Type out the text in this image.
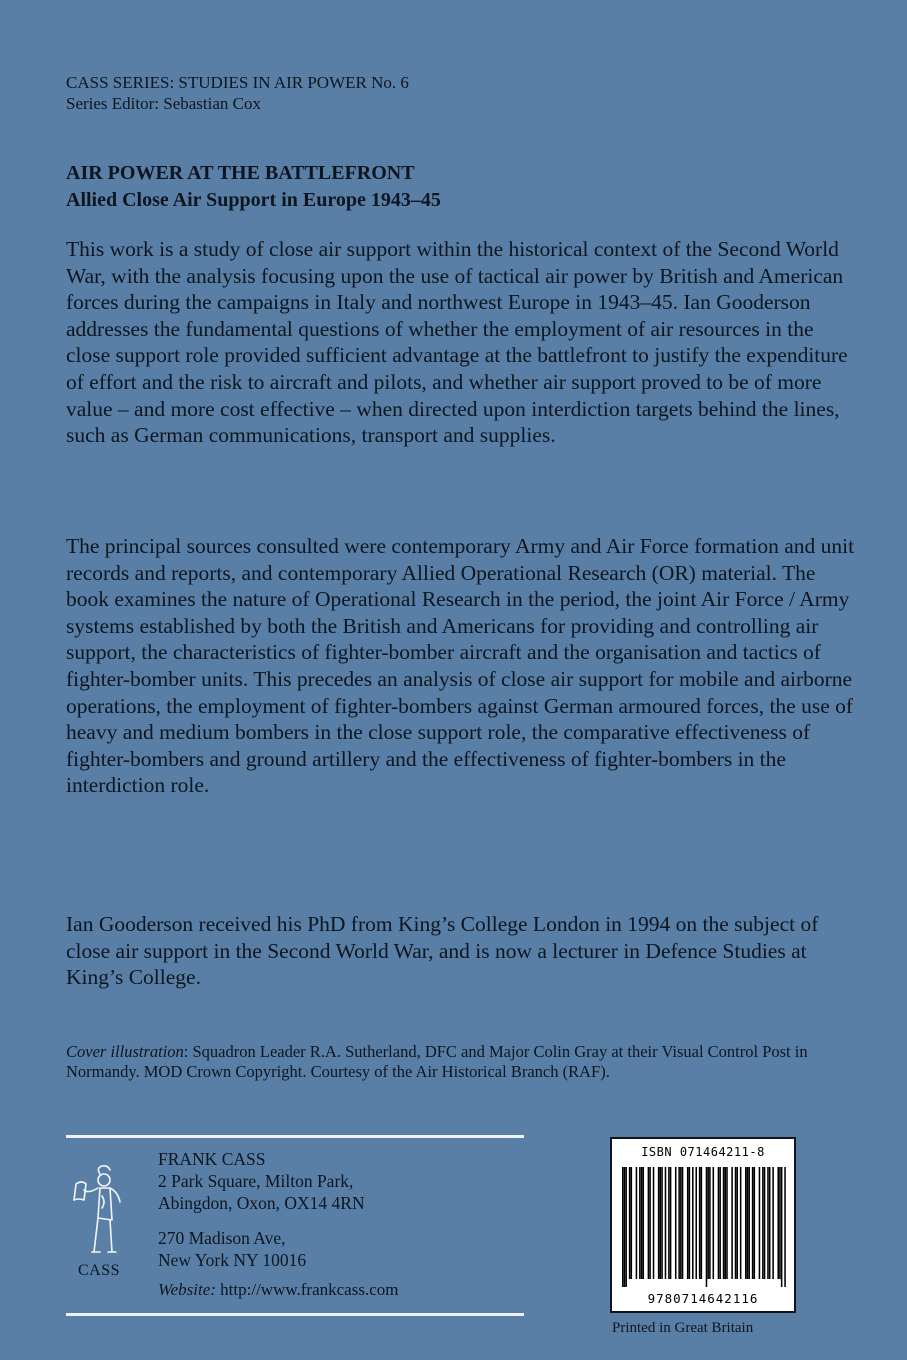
CASS SERIES: STUDIES IN AIR POWER No. 6
Series Editor: Sebastian Cox
AIR POWER AT THE BATTLEFRONT
Allied Close Air Support in Europe 1943–45
This work is a study of close air support within the historical context of the Second World War, with the analysis focusing upon the use of tactical air power by British and American forces during the campaigns in Italy and northwest Europe in 1943–45. Ian Gooderson addresses the fundamental questions of whether the employment of air resources in the close support role provided sufficient advantage at the battlefront to justify the expenditure of effort and the risk to aircraft and pilots, and whether air support proved to be of more value – and more cost effective – when directed upon interdiction targets behind the lines, such as German communications, transport and supplies.
The principal sources consulted were contemporary Army and Air Force formation and unit records and reports, and contemporary Allied Operational Research (OR) material. The book examines the nature of Operational Research in the period, the joint Air Force / Army systems established by both the British and Americans for providing and controlling air support, the characteristics of fighter-bomber aircraft and the organisation and tactics of fighter-bomber units. This precedes an analysis of close air support for mobile and airborne operations, the employment of fighter-bombers against German armoured forces, the use of heavy and medium bombers in the close support role, the comparative effectiveness of fighter-bombers and ground artillery and the effectiveness of fighter-bombers in the interdiction role.
Ian Gooderson received his PhD from King’s College London in 1994 on the subject of close air support in the Second World War, and is now a lecturer in Defence Studies at King’s College.
Cover illustration: Squadron Leader R.A. Sutherland, DFC and Major Colin Gray at their Visual Control Post in Normandy. MOD Crown Copyright. Courtesy of the Air Historical Branch (RAF).
CASS
FRANK CASS
2 Park Square, Milton Park,
Abingdon, Oxon, OX14 4RN
270 Madison Ave,
New York NY 10016
Website: http://www.frankcass.com
ISBN 071464211-8
9780714642116
Printed in Great Britain
